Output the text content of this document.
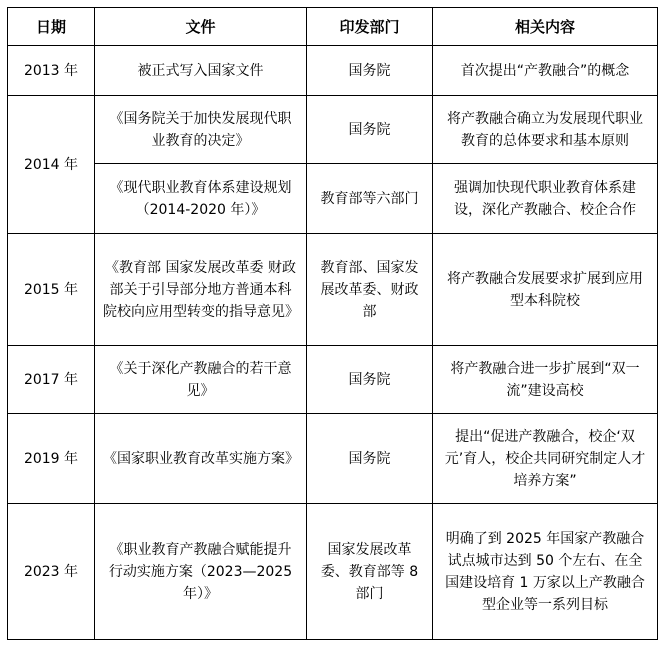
日期	文件	印发部门	相关内容
2013 年	被正式写入国家文件	国务院	首次提出“产教融合”的概念
2014 年	《国务院关于加快发展现代职业教育的决定》	国务院	将产教融合确立为发展现代职业教育的总体要求和基本原则
	《现代职业教育体系建设规划（2014-2020 年）》	教育部等六部门	强调加快现代职业教育体系建设，深化产教融合、校企合作
2015 年	《教育部 国家发展改革委 财政部关于引导部分地方普通本科院校向应用型转变的指导意见》	教育部、国家发展改革委、财政部	将产教融合发展要求扩展到应用型本科院校
2017 年	《关于深化产教融合的若干意见》	国务院	将产教融合进一步扩展到“双一流”建设高校
2019 年	《国家职业教育改革实施方案》	国务院	提出“促进产教融合，校企‘双元’育人，校企共同研究制定人才培养方案”
2023 年	《职业教育产教融合赋能提升行动实施方案（2023—2025 年）》	国家发展改革委、教育部等 8 部门	明确了到 2025 年国家产教融合试点城市达到 50 个左右、在全国建设培育 1 万家以上产教融合型企业等一系列目标
